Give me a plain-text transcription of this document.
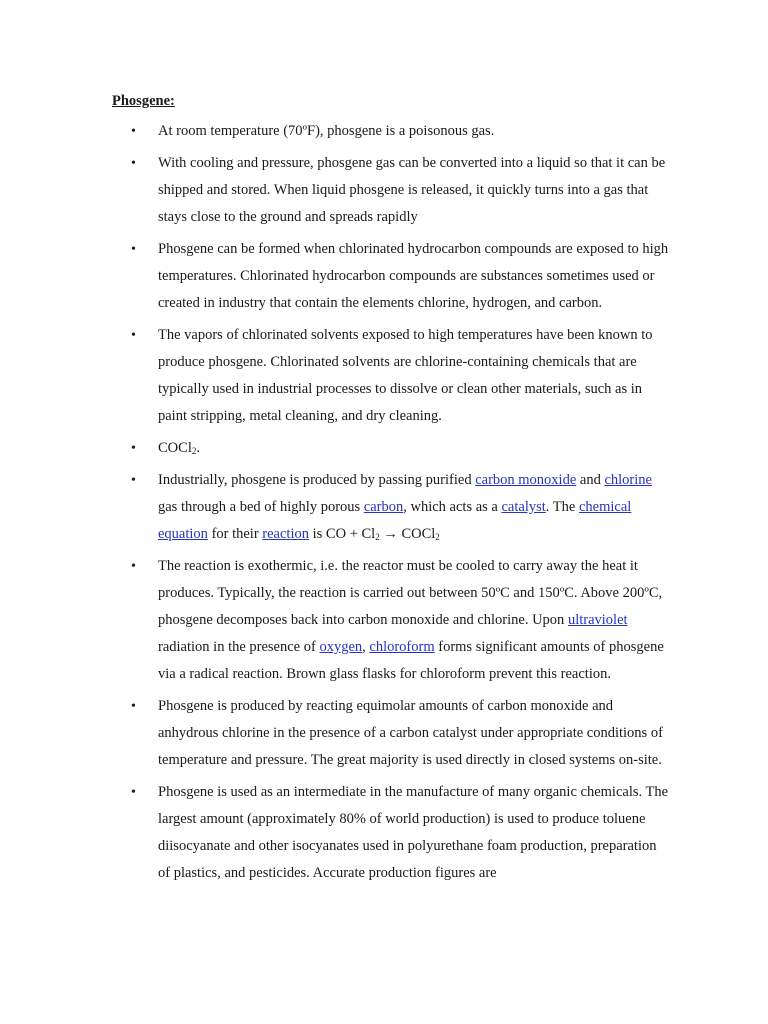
Phosgene:
•	At room temperature (70ºF), phosgene is a poisonous gas.
•	With cooling and pressure, phosgene gas can be converted into a liquid so that it can be shipped and stored. When liquid phosgene is released, it quickly turns into a gas that stays close to the ground and spreads rapidly
•	Phosgene can be formed when chlorinated hydrocarbon compounds are exposed to high temperatures. Chlorinated hydrocarbon compounds are substances sometimes used or created in industry that contain the elements chlorine, hydrogen, and carbon.
•	The vapors of chlorinated solvents exposed to high temperatures have been known to produce phosgene. Chlorinated solvents are chlorine-containing chemicals that are typically used in industrial processes to dissolve or clean other materials, such as in paint stripping, metal cleaning, and dry cleaning.
•	COCl$_2$.
•	Industrially, phosgene is produced by passing purified carbon monoxide and chlorine gas through a bed of highly porous carbon, which acts as a catalyst. The chemical equation for their reaction is CO + $Cl_2$ → COCl$_2$
•	The reaction is exothermic, i.e. the reactor must be cooled to carry away the heat it produces. Typically, the reaction is carried out between 50ºC and 150ºC. Above 200ºC, phosgene decomposes back into carbon monoxide and chlorine. Upon ultraviolet radiation in the presence of oxygen, chloroform forms significant amounts of phosgene via a radical reaction. Brown glass flasks for chloroform prevent this reaction.
•	Phosgene is produced by reacting equimolar amounts of carbon monoxide and anhydrous chlorine in the presence of a carbon catalyst under appropriate conditions of temperature and pressure. The great majority is used directly in closed systems on-site.
•	Phosgene is used as an intermediate in the manufacture of many organic chemicals. The largest amount (approximately 80% of world production) is used to produce toluene diisocyanate and other isocyanates used in polyurethane foam production, preparation of plastics, and pesticides. Accurate production figures are
